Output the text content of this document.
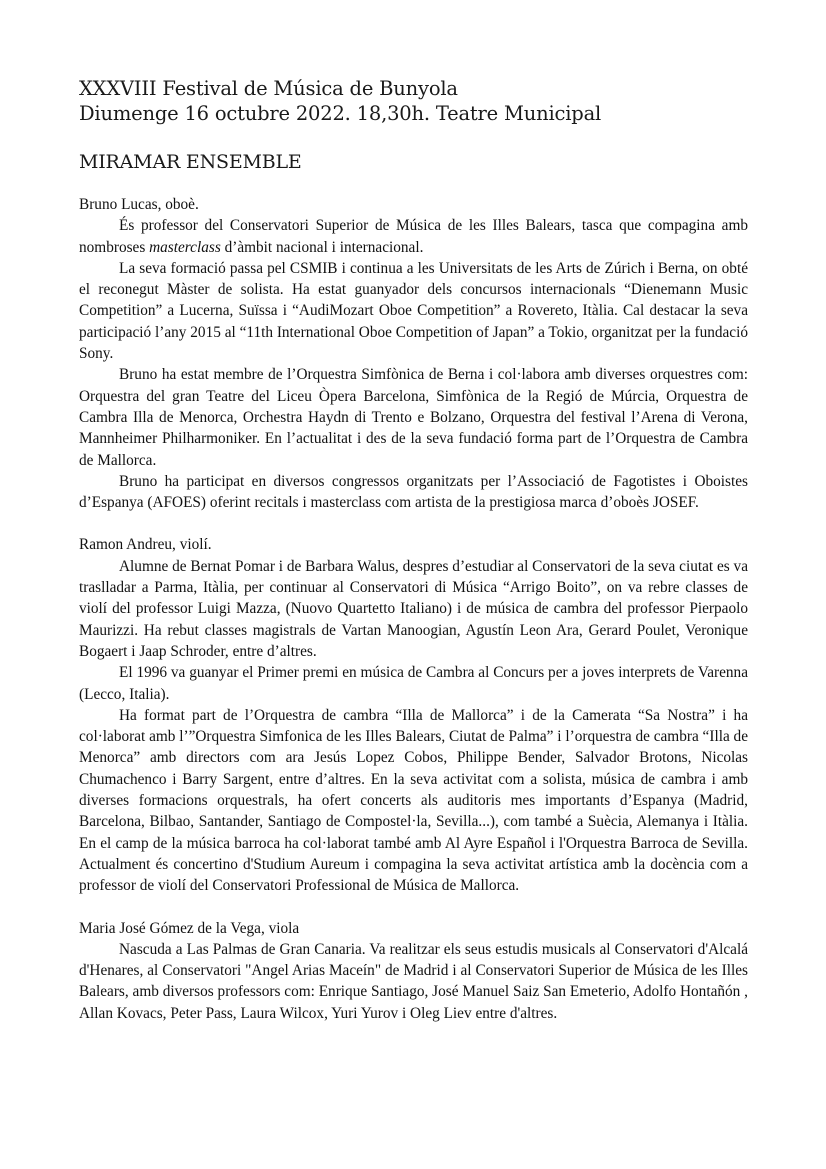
XXXVIII Festival de Música de Bunyola
Diumenge 16 octubre 2022. 18,30h. Teatre Municipal
MIRAMAR ENSEMBLE

Bruno Lucas, oboè.

És professor del Conservatori Superior de Música de les Illes Balears, tasca que compagina amb nombroses masterclass d’àmbit nacional i internacional.

La seva formació passa pel CSMIB i continua a les Universitats de les Arts de Zúrich i Berna, on obté el reconegut Màster de solista. Ha estat guanyador dels concursos internacionals “Dienemann Music Competition” a Lucerna, Suïssa i “AudiMozart Oboe Competition” a Rovereto, Itàlia. Cal destacar la seva participació l’any 2015 al “11th International Oboe Competition of Japan” a Tokio, organitzat per la fundació Sony.

Bruno ha estat membre de l’Orquestra Simfònica de Berna i col·labora amb diverses orquestres com: Orquestra del gran Teatre del Liceu Òpera Barcelona, Simfònica de la Regió de Múrcia, Orquestra de Cambra Illa de Menorca, Orchestra Haydn di Trento e Bolzano, Orquestra del festival l’Arena di Verona, Mannheimer Philharmoniker. En l’actualitat i des de la seva fundació forma part de l’Orquestra de Cambra de Mallorca.

Bruno ha participat en diversos congressos organitzats per l’Associació de Fagotistes i Oboistes d’Espanya (AFOES) oferint recitals i masterclass com artista de la prestigiosa marca d’oboès JOSEF.

Ramon Andreu, violí.

Alumne de Bernat Pomar i de Barbara Walus, despres d’estudiar al Conservatori de la seva ciutat es va traslladar a Parma, Itàlia, per continuar al Conservatori di Música “Arrigo Boito”, on va rebre classes de violí del professor Luigi Mazza, (Nuovo Quartetto Italiano) i de música de cambra del professor Pierpaolo Maurizzi. Ha rebut classes magistrals de Vartan Manoogian, Agustín Leon Ara, Gerard Poulet, Veronique Bogaert i Jaap Schroder, entre d’altres.

El 1996 va guanyar el Primer premi en música de Cambra al Concurs per a joves interprets de Varenna (Lecco, Italia).

Ha format part de l’Orquestra de cambra “Illa de Mallorca” i de la Camerata “Sa Nostra” i ha col·laborat amb l’”Orquestra Simfonica de les Illes Balears, Ciutat de Palma” i l’orquestra de cambra “Illa de Menorca” amb directors com ara Jesús Lopez Cobos, Philippe Bender, Salvador Brotons, Nicolas Chumachenco i Barry Sargent, entre d’altres. En la seva activitat com a solista, música de cambra i amb diverses formacions orquestrals, ha ofert concerts als auditoris mes importants d’Espanya (Madrid, Barcelona, Bilbao, Santander, Santiago de Compostel·la, Sevilla...), com també a Suècia, Alemanya i Itàlia. En el camp de la música barroca ha col·laborat també amb Al Ayre Español i l'Orquestra Barroca de Sevilla. Actualment és concertino d'Studium Aureum i compagina la seva activitat artística amb la docència com a professor de violí del Conservatori Professional de Música de Mallorca.

Maria José Gómez de la Vega, viola

Nascuda a Las Palmas de Gran Canaria. Va realitzar els seus estudis musicals al Conservatori d'Alcalá d'Henares, al Conservatori "Angel Arias Maceín" de Madrid i al Conservatori Superior de Música de les Illes Balears, amb diversos professors com: Enrique Santiago, José Manuel Saiz San Emeterio, Adolfo Hontañón , Allan Kovacs, Peter Pass, Laura Wilcox, Yuri Yurov i Oleg Liev entre d'altres.
